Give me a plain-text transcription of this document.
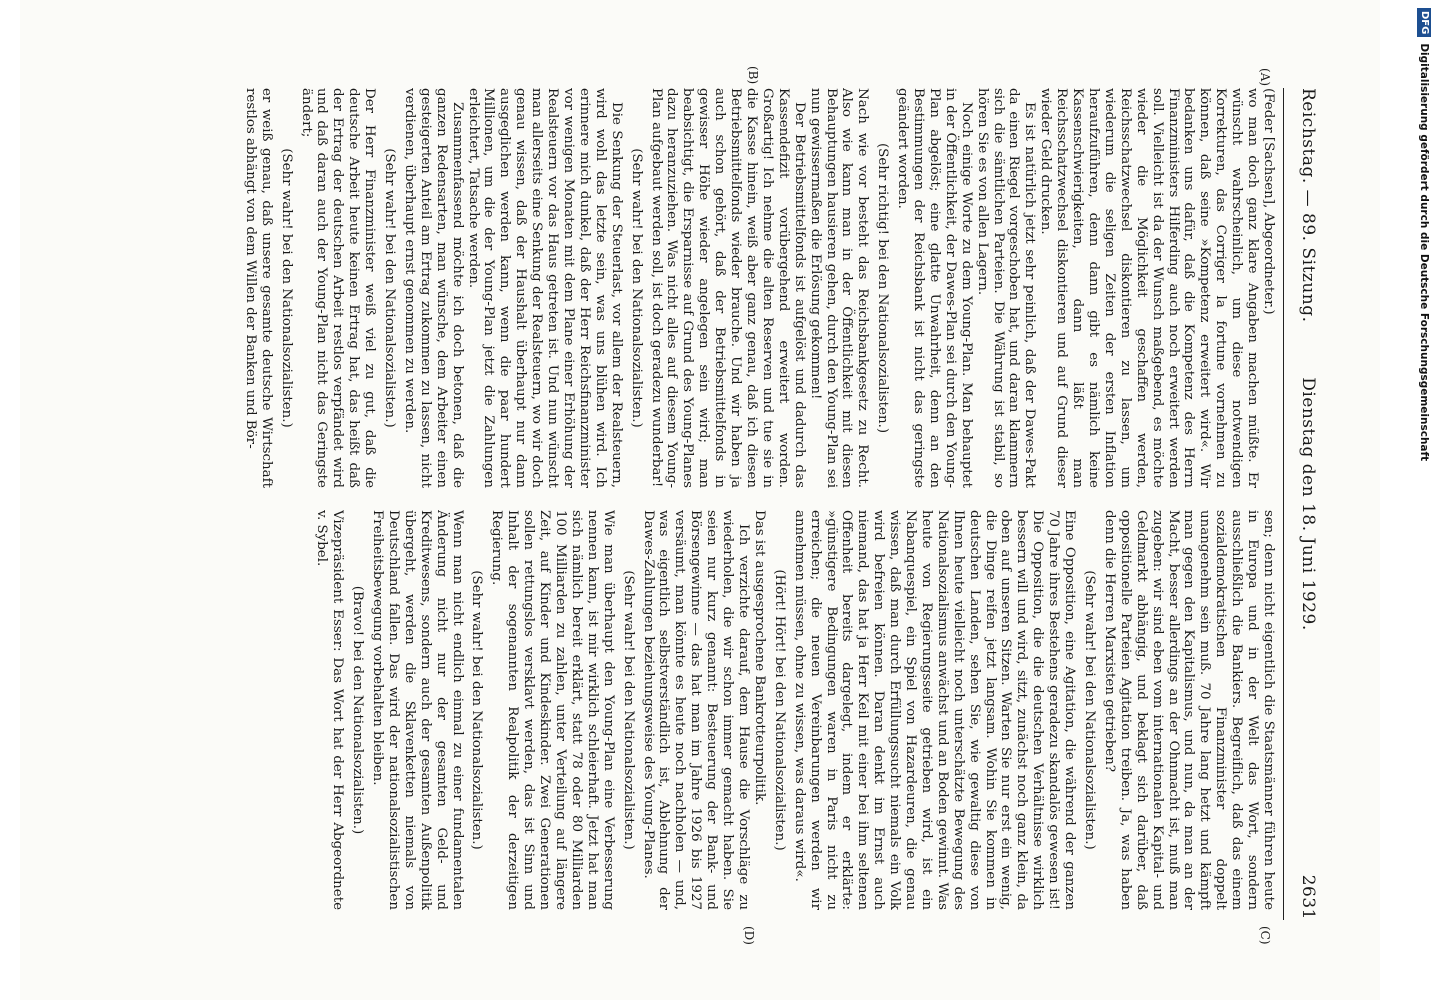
Reichstag. — 89. Sitzung.
Dienstag den 18. Juni 1929.
2631
(A)
(B)
(C)
(D)

(Feder [Sachsen], Abgeordneter.)

wo man doch ganz klare Angaben machen müßte. Er wünscht wahrscheinlich, um diese notwendigen Korrekturen, das Corriger la fortune vornehmen zu können, daß seine »Kompetenz erweitert wird«. Wir bedanken uns dafür, daß die Kompetenz des Herrn Finanzministers Hilferding auch noch erweitert werden soll. Vielleicht ist da der Wunsch maßgebend, es möchte wieder die Möglichkeit geschaffen werden, Reichsschatzwechsel diskontieren zu lassen, um wiederum die seligen Zeiten der ersten Inflation heraufzuführen, denn dann gibt es nämlich keine Kassenschwierigkeiten, dann läßt man Reichsschatzwechsel diskontieren und auf Grund dieser wieder Geld drucken.

Es ist natürlich jetzt sehr peinlich, daß der Dawes-Pakt da einen Riegel vorgeschoben hat, und daran klammern sich die sämtlichen Parteien. Die Währung ist stabil, so hören Sie es von allen Lagern.

Noch einige Worte zu dem Young-Plan. Man behauptet in der Öffentlichkeit, der Dawes-Plan sei durch den Young-Plan abgelöst; eine glatte Unwahrheit, denn an den Bestimmungen der Reichsbank ist nicht das geringste geändert worden.

(Sehr richtig! bei den Nationalsozialisten.)

Nach wie vor besteht das Reichsbankgesetz zu Recht. Also wie kann man in der Öffentlichkeit mit diesen Behauptungen hausieren gehen, durch den Young-Plan sei nun gewissermaßen die Erlösung gekommen!

Der Betriebsmittelfonds ist aufgelöst und dadurch das Kassendefizit vorübergehend erweitert worden. Großartig! Ich nehme die alten Reserven und tue sie in die Kasse hinein, weiß aber ganz genau, daß ich diesen Betriebsmittelfonds wieder brauche. Und wir haben ja auch schon gehört, daß der Betriebsmittelfonds in gewisser Höhe wieder angelegen sein wird; man beabsichtigt, die Ersparnisse auf Grund des Young-Planes dazu heranzuziehen. Was nicht alles auf diesem Young-Plan aufgebaut werden soll, ist doch geradezu wunderbar!

(Sehr wahr! bei den Nationalsozialisten.)

Die Senkung der Steuerlast, vor allem der Realsteuern, wird wohl das letzte sein, was uns blühen wird. Ich erinnere mich dunkel, daß der Herr Reichsfinanzminister vor wenigen Monaten mit dem Plane einer Erhöhung der Realsteuern vor das Haus getreten ist. Und nun wünscht man allerseits eine Senkung der Realsteuern, wo wir doch genau wissen, daß der Haushalt überhaupt nur dann ausgeglichen werden kann, wenn die paar hundert Millionen, um die der Young-Plan jetzt die Zahlungen erleichtert, Tatsache werden.

Zusammenfassend möchte ich doch betonen, daß die ganzen Redensarten, man wünsche, dem Arbeiter einen gesteigerten Anteil am Ertrag zukommen zu lassen, nicht verdienen, überhaupt ernst genommen zu werden.

(Sehr wahr! bei den Nationalsozialisten.)

Der Herr Finanzminister weiß viel zu gut, daß die deutsche Arbeit heute keinen Ertrag hat, das heißt daß der Ertrag der deutschen Arbeit restlos verpfändet wird und daß daran auch der Young-Plan nicht das Geringste ändert;

(Sehr wahr! bei den Nationalsozialisten.)

er weiß genau, daß unsere gesamte deutsche Wirtschaft restlos abhängt von dem Willen der Banken und Bör-

sen; denn nicht eigentlich die Staatsmänner führen heute in Europa und in der Welt das Wort, sondern ausschließlich die Bankiers. Begreiflich, daß das einem sozialdemokratischen Finanzminister doppelt unangenehm sein muß. 70 Jahre lang hetzt und kämpft man gegen den Kapitalismus, und nun, da man an der Macht, besser allerdings an der Ohnmacht ist, muß man zugeben: wir sind eben vom internationalen Kapital- und Geldmarkt abhängig, und beklagt sich darüber, daß oppositionelle Parteien Agitation treiben. Ja, was haben denn die Herren Marxisten getrieben?

(Sehr wahr! bei den Nationalsozialisten.)

Eine Opposition, eine Agitation, die während der ganzen 70 Jahre ihres Bestehens geradezu skandalös gewesen ist! Die Opposition, die die deutschen Verhältnisse wirklich bessern will und wird, sitzt, zunächst noch ganz klein, da oben auf unseren Sitzen. Warten Sie nur erst ein wenig, die Dinge reifen jetzt langsam. Wohin Sie kommen in deutschen Landen, sehen Sie, wie gewaltig diese von Ihnen heute vielleicht noch unterschätzte Bewegung des Nationalsozialismus anwächst und an Boden gewinnt. Was heute von Regierungsseite getrieben wird, ist ein Nabanquespiel, ein Spiel von Hazardeuren, die genau wissen, daß man durch Erfüllungssucht niemals ein Volk wird befreien können. Daran denkt im Ernst auch niemand, das hat ja Herr Keil mit einer bei ihm seltenen Offenheit bereits dargelegt, indem er erklärte: »günstigere Bedingungen waren in Paris nicht zu erreichen; die neuen Vereinbarungen werden wir annehmen müssen, ohne zu wissen, was daraus wird«.

(Hört! Hört! bei den Nationalsozialisten.)

Das ist ausgesprochene Bankrotteurpolitik.

Ich verzichte darauf, dem Hause die Vorschläge zu wiederholen, die wir schon immer gemacht haben. Sie seien nur kurz genannt: Besteuerung der Bank- und Börsengewinne — das hat man im Jahre 1926 bis 1927 versäumt, man könnte es heute noch nachholen — und, was eigentlich selbstverständlich ist, Ablehnung der Dawes-Zahlungen beziehungsweise des Young-Planes.

(Sehr wahr! bei den Nationalsozialisten.)

Wie man überhaupt den Young-Plan eine Verbesserung nennen kann, ist mir wirklich schleierhaft. Jetzt hat man sich nämlich bereit erklärt, statt 78 oder 80 Milliarden 100 Milliarden zu zahlen, unter Verteilung auf längere Zeit, auf Kinder und Kindeskinder. Zwei Generationen sollen rettungslos versklavt werden, das ist Sinn und Inhalt der sogenannten Realpolitik der derzeitigen Regierung.

(Sehr wahr! bei den Nationalsozialisten.)

Wenn man nicht endlich einmal zu einer fundamentalen Änderung nicht nur der gesamten Geld- und Kreditwesens, sondern auch der gesamten Außenpolitik übergeht, werden die Sklavenketten niemals von Deutschland fallen. Das wird der nationalsozialistischen Freiheitsbewegung vorbehalten bleiben.

(Bravo! bei den Nationalsozialisten.)

Vizepräsident Esser: Das Wort hat der Herr Abgeordnete v. Sybel.

DFGDigitalisierung gefördert durch die Deutsche Forschungsgemeinschaft
